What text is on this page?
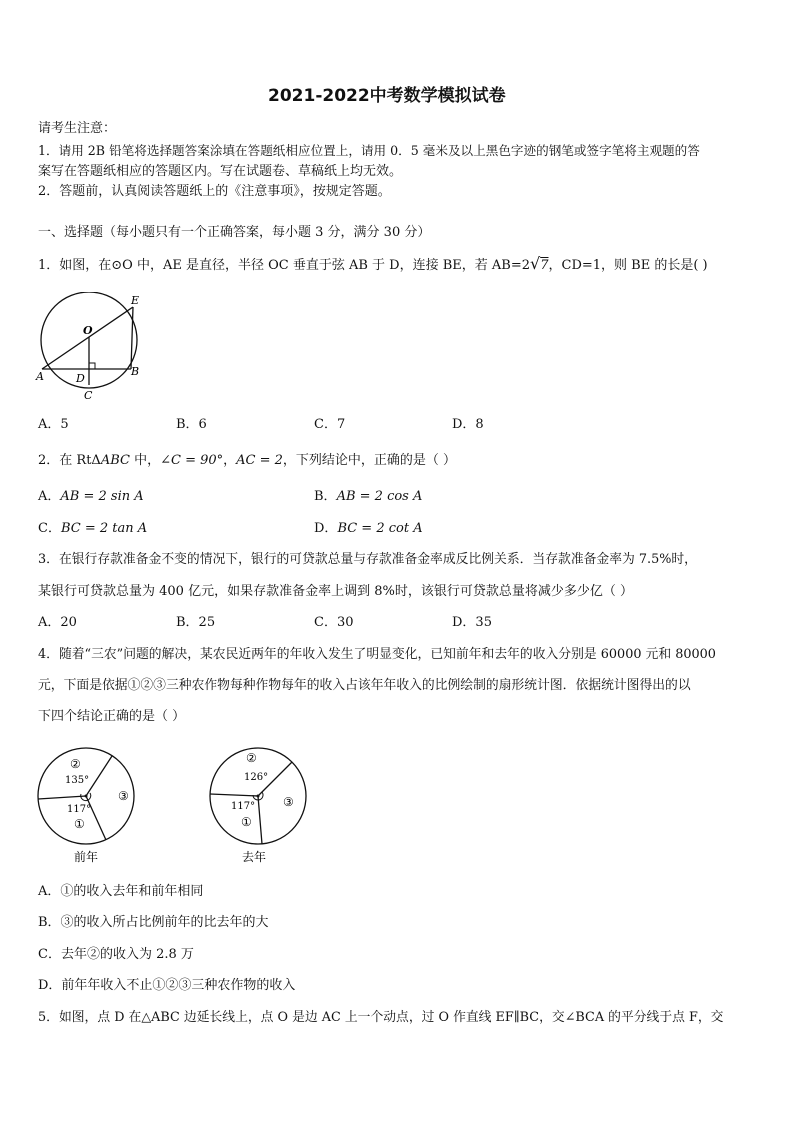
2021-2022中考数学模拟试卷
请考生注意：
1．请用 2B 铅笔将选择题答案涂填在答题纸相应位置上，请用 0．5 毫米及以上黑色字迹的钢笔或签字笔将主观题的答
案写在答题纸相应的答题区内。写在试题卷、草稿纸上均无效。
2．答题前，认真阅读答题纸上的《注意事项》，按规定答题。
一、选择题（每小题只有一个正确答案，每小题 3 分，满分 30 分）
1．如图，在⊙O 中，AE 是直径，半径 OC 垂直于弦 AB 于 D，连接 BE，若 AB=2√7，CD=1，则 BE 的长是( )
E
O
A	D
B
C
A．5	B．6	C．7	D．8
2．在 RtΔABC 中，∠C = 90°，AC = 2，下列结论中，正确的是（ ）
A．AB = 2 sin A	B．AB = 2 cos A
C．BC = 2 tan A	D．BC = 2 cot A
3．在银行存款准备金不变的情况下，银行的可贷款总量与存款准备金率成反比例关系．当存款准备金率为 7.5%时，
某银行可贷款总量为 400 亿元，如果存款准备金率上调到 8%时，该银行可贷款总量将减少多少亿（ ）
A．20	B．25	C．30	D．35
4．随着“三农”问题的解决，某农民近两年的年收入发生了明显变化，已知前年和去年的收入分别是 60000 元和 80000
元，下面是依据①②③三种农作物每种作物每年的收入占该年年收入的比例绘制的扇形统计图．依据统计图得出的以
下四个结论正确的是（ ）
②
135°
117°
①
③
前年
②
126°
117°
①
③
去年
A．①的收入去年和前年相同
B．③的收入所占比例前年的比去年的大
C．去年②的收入为 2.8 万
D．前年年收入不止①②③三种农作物的收入
5．如图，点 D 在△ABC 边延长线上，点 O 是边 AC 上一个动点，过 O 作直线 EF∥BC，交∠BCA 的平分线于点 F，交
